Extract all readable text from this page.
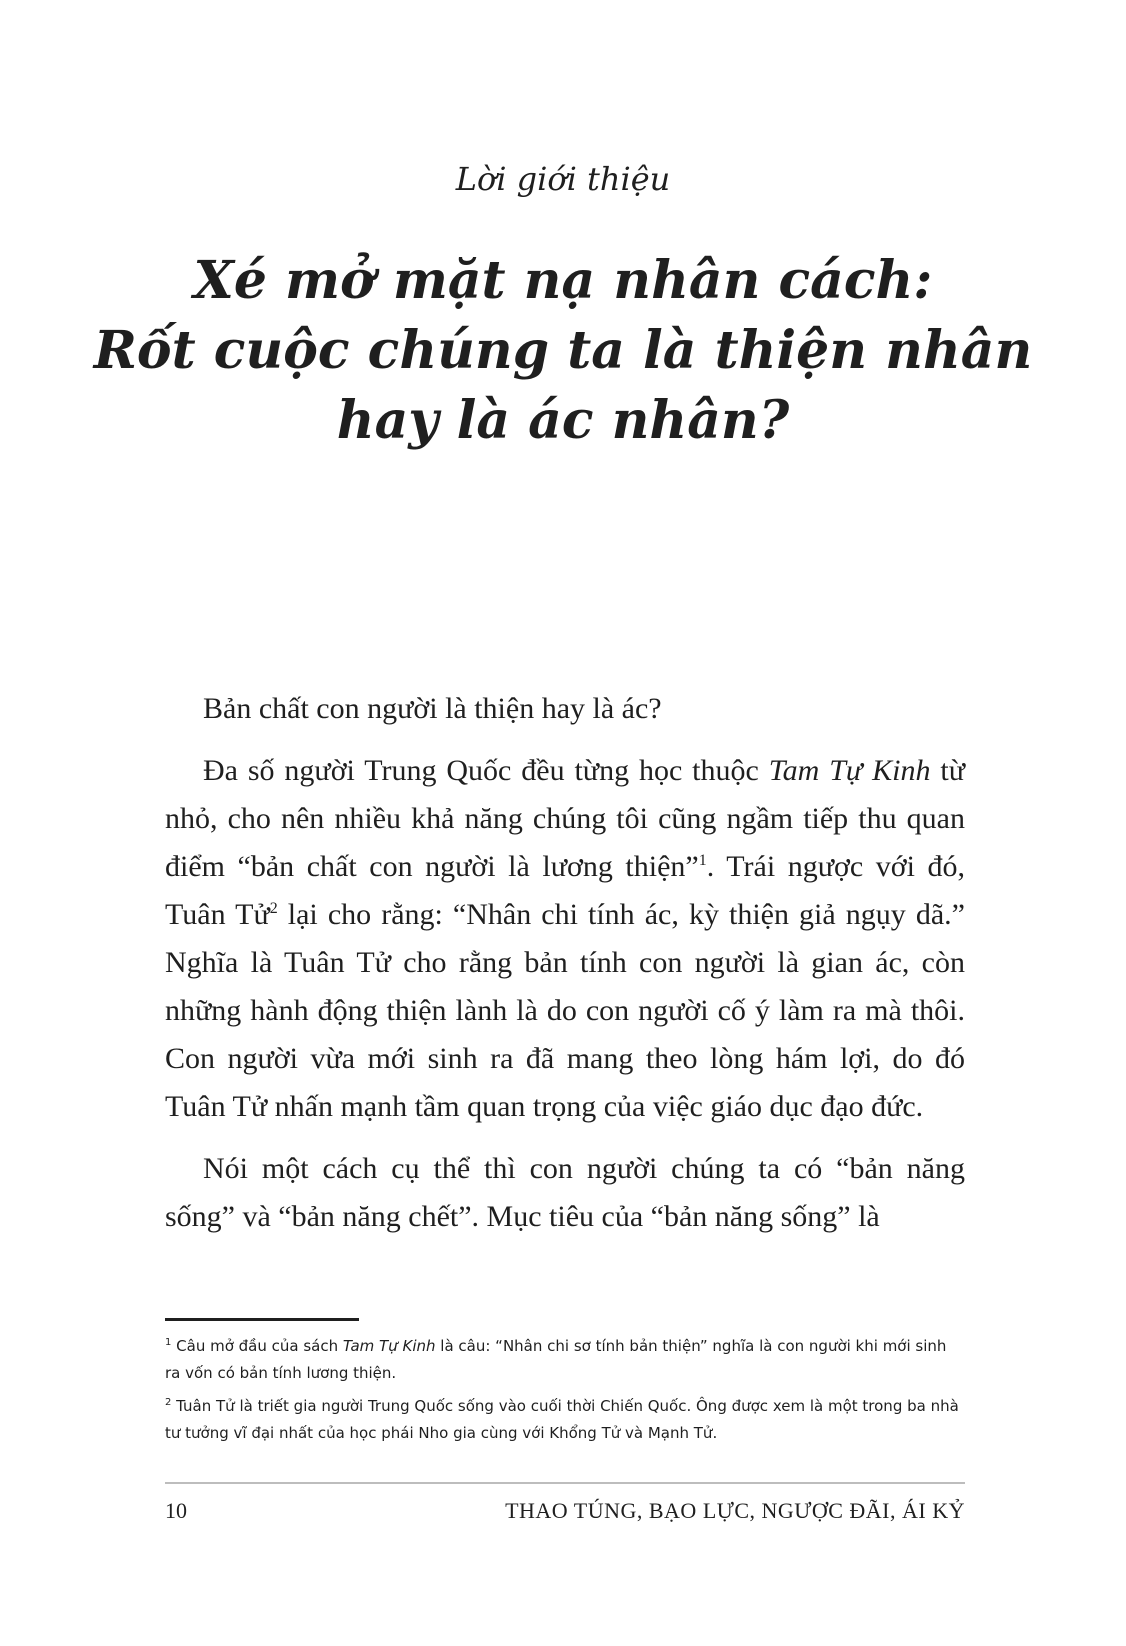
Lời giới thiệu
Xé mở mặt nạ nhân cách:
Rốt cuộc chúng ta là thiện nhân
hay là ác nhân?

Bản chất con người là thiện hay là ác?

Đa số người Trung Quốc đều từng học thuộc Tam Tự Kinh từ nhỏ, cho nên nhiều khả năng chúng tôi cũng ngầm tiếp thu quan điểm “bản chất con người là lương thiện”$^1$. Trái ngược với đó, Tuân Tử$^2$ lại cho rằng: “Nhân chi tính ác, kỳ thiện giả ngụy dã.” Nghĩa là Tuân Tử cho rằng bản tính con người là gian ác, còn những hành động thiện lành là do con người cố ý làm ra mà thôi. Con người vừa mới sinh ra đã mang theo lòng hám lợi, do đó Tuân Tử nhấn mạnh tầm quan trọng của việc giáo dục đạo đức.

Nói một cách cụ thể thì con người chúng ta có “bản năng sống” và “bản năng chết”. Mục tiêu của “bản năng sống” là

$^1$ Câu mở đầu của sách Tam Tự Kinh là câu: “Nhân chi sơ tính bản thiện” nghĩa là con người khi mới sinh ra vốn có bản tính lương thiện.

$^2$ Tuân Tử là triết gia người Trung Quốc sống vào cuối thời Chiến Quốc. Ông được xem là một trong ba nhà tư tưởng vĩ đại nhất của học phái Nho gia cùng với Khổng Tử và Mạnh Tử.

10	THAO TÚNG, BẠO LỰC, NGƯỢC ĐÃI, ÁI KỶ
